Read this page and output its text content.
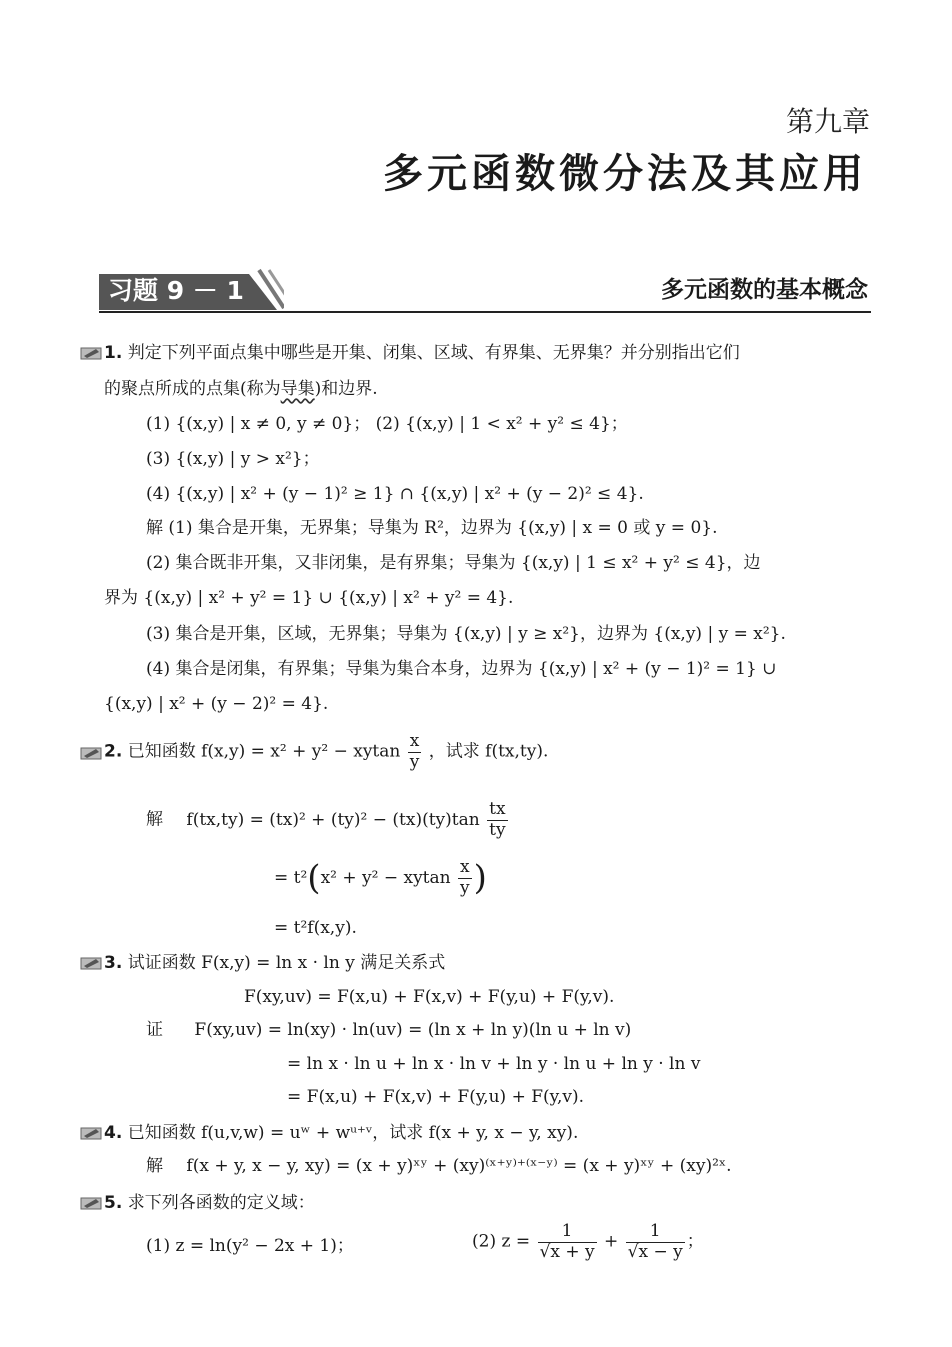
第九章
多元函数微分法及其应用
习题 9 － 1	多元函数的基本概念
1. 判定下列平面点集中哪些是开集、闭集、区域、有界集、无界集？并分别指出它们
的聚点所成的点集(称为导集)和边界.
(1) {(x,y) | x ≠ 0, y ≠ 0}； (2) {(x,y) | 1 < x² + y² ≤ 4}；
(3) {(x,y) | y > x²}；
(4) {(x,y) | x² + (y − 1)² ≥ 1} ∩ {(x,y) | x² + (y − 2)² ≤ 4}.
解 (1) 集合是开集，无界集；导集为 R²，边界为 {(x,y) | x = 0 或 y = 0}.
(2) 集合既非开集，又非闭集，是有界集；导集为 {(x,y) | 1 ≤ x² + y² ≤ 4}，边
界为 {(x,y) | x² + y² = 1} ∪ {(x,y) | x² + y² = 4}.
(3) 集合是开集，区域，无界集；导集为 {(x,y) | y ≥ x²}，边界为 {(x,y) | y = x²}.
(4) 集合是闭集，有界集；导集为集合本身，边界为 {(x,y) | x² + (y − 1)² = 1} ∪
{(x,y) | x² + (y − 2)² = 4}.
2. 已知函数 f(x,y) = x² + y² − xytan $\frac{x}{y}$ ，试求 f(tx,ty).
解 $f(tx,ty) = (tx)^2 + (ty)^2 - (tx)(ty)\tan \frac{tx}{ty}$
= t²(x² + y² − xytan $\frac{x}{y}$ )
= t²f(x,y).
3. 试证函数 F(x,y) = ln x · ln y 满足关系式
F(xy,uv) = F(x,u) + F(x,v) + F(y,u) + F(y,v).
证 F(xy,uv) = ln(xy) · ln(uv) = (ln x + ln y)(ln u + ln v)
= ln x · ln u + ln x · ln v + ln y · ln u + ln y · ln v
= F(x,u) + F(x,v) + F(y,u) + F(y,v).
4. 已知函数 f(u,v,w) = uʷ + wᵘ⁺ᵛ，试求 f(x + y, x − y, xy).
解 f(x + y, x − y, xy) = (x + y)ˣʸ + (xy)⁽ˣ⁺ʸ⁾⁺⁽ˣ⁻ʸ⁾ = (x + y)ˣʸ + (xy)²ˣ.
5. 求下列各函数的定义域：
(1) z = ln(y² − 2x + 1)；	(2) $z = \frac{1}{√x + y} + \frac{1}{√x - y}$ ；
